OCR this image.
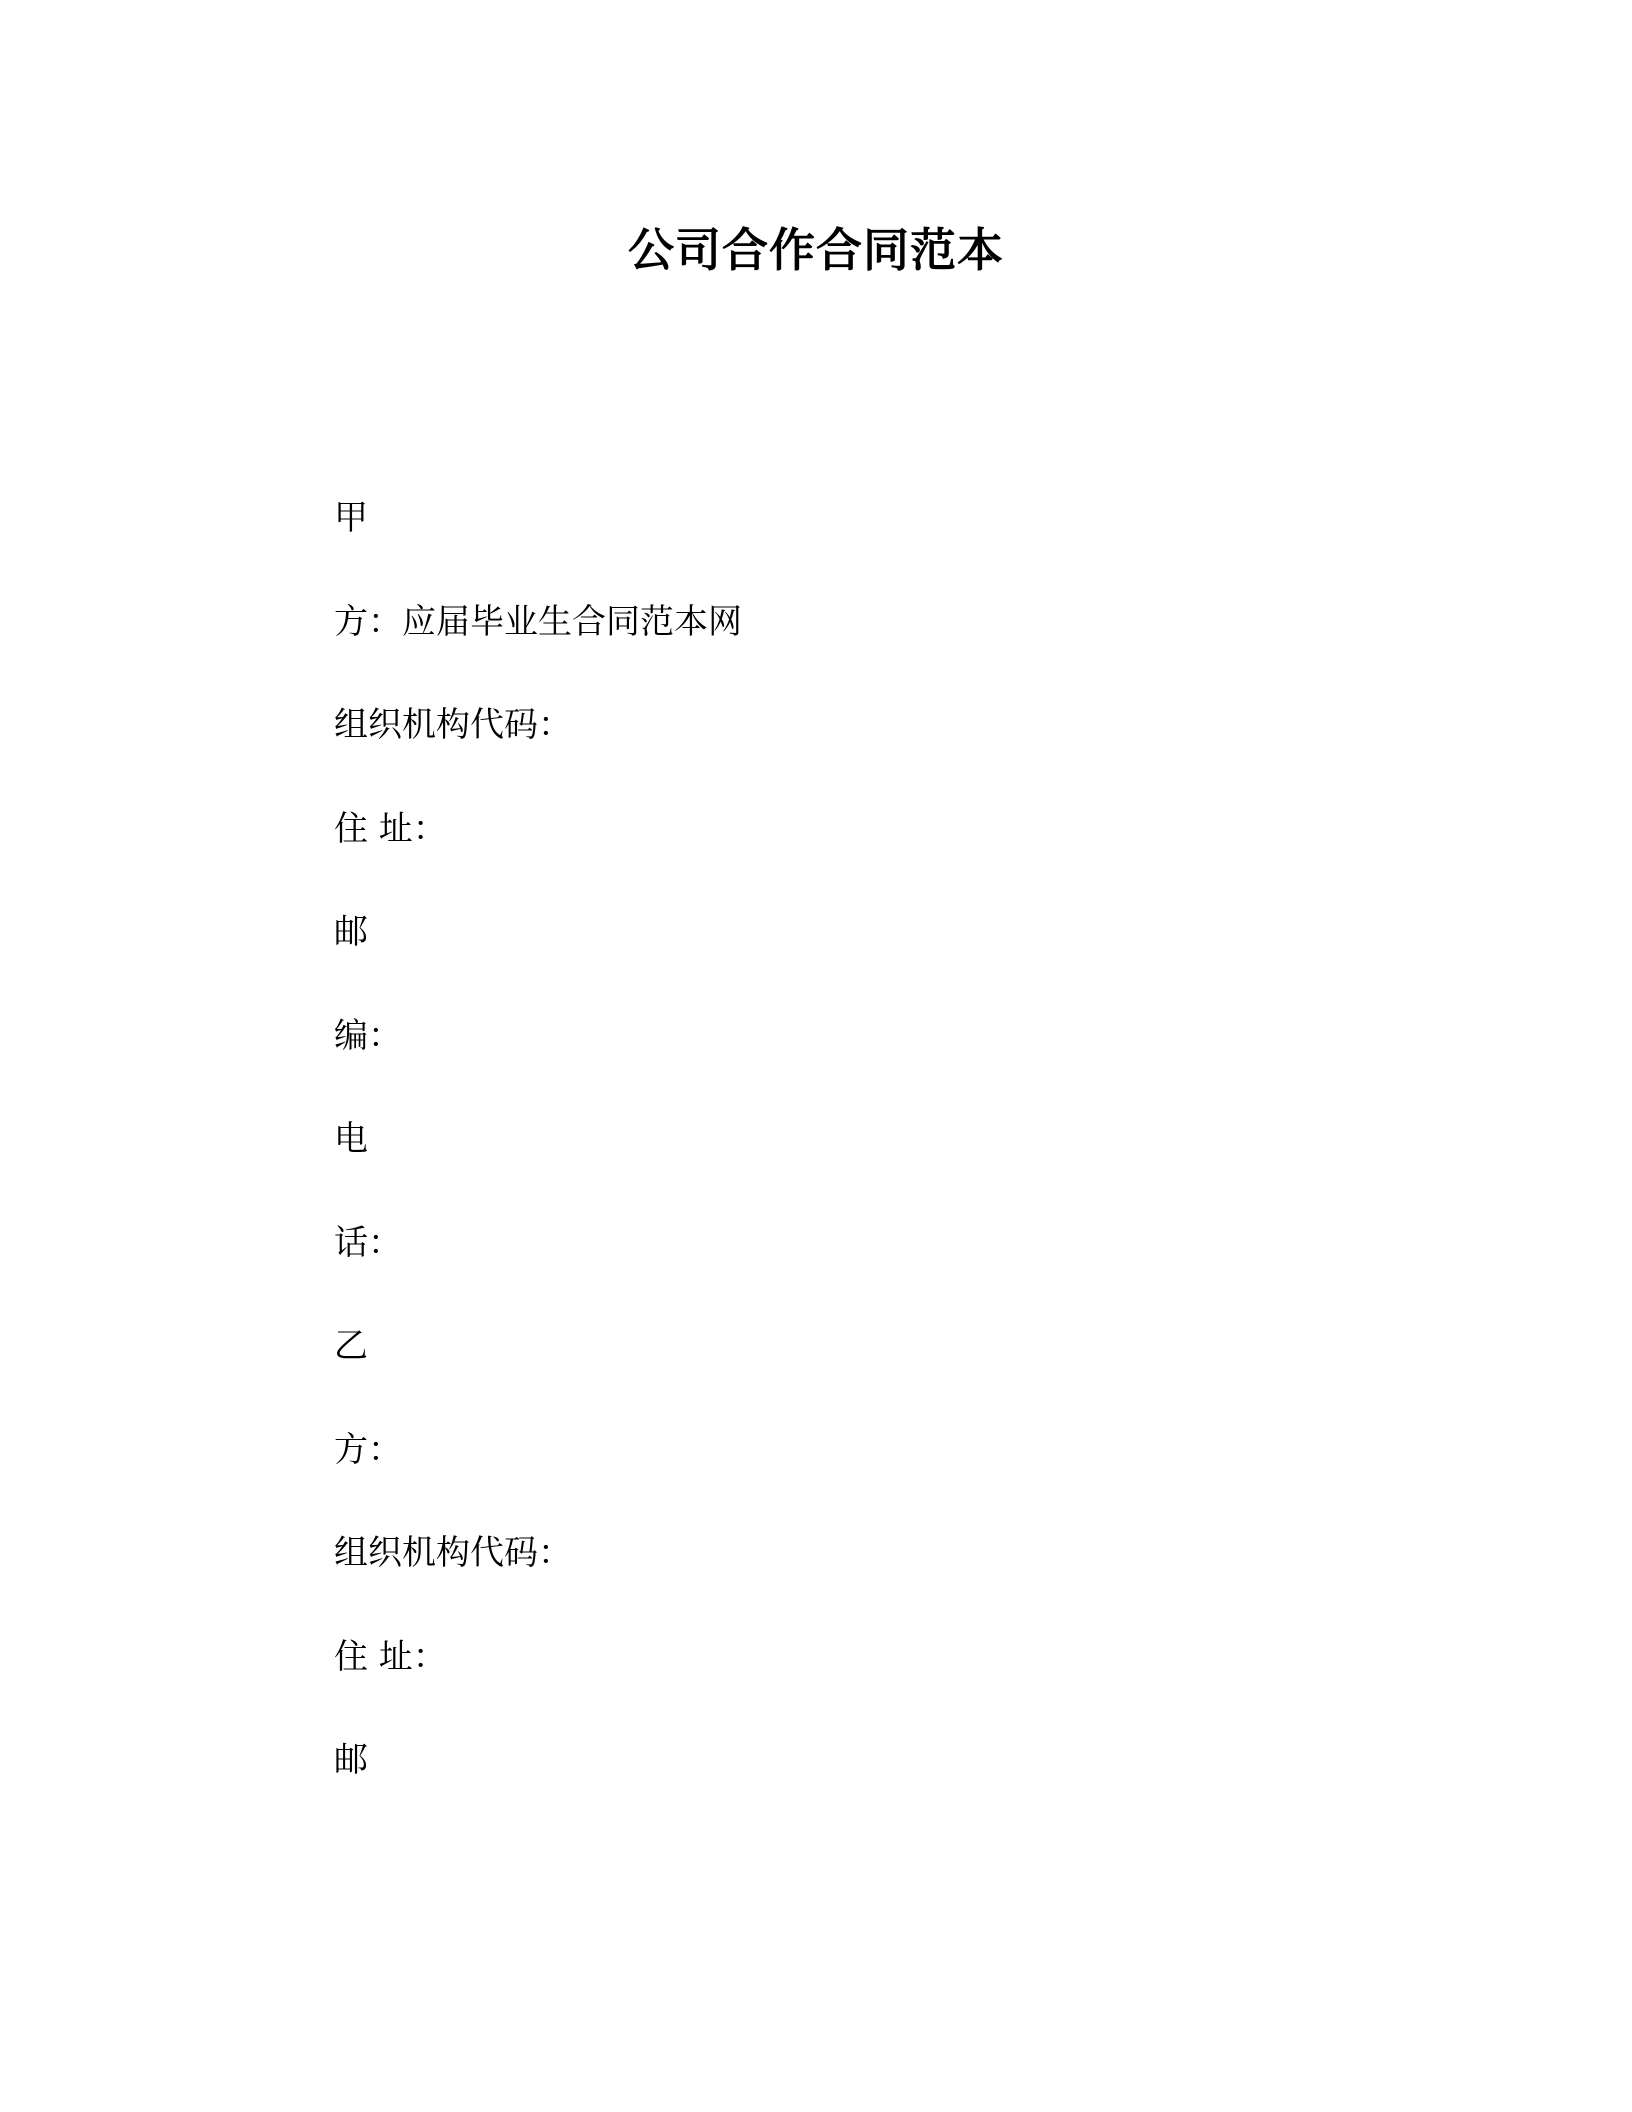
公司合作合同范本
甲
方：应届毕业生合同范本网
组织机构代码：
住 址：
邮
编：
电
话：
乙
方：
组织机构代码：
住 址：
邮
